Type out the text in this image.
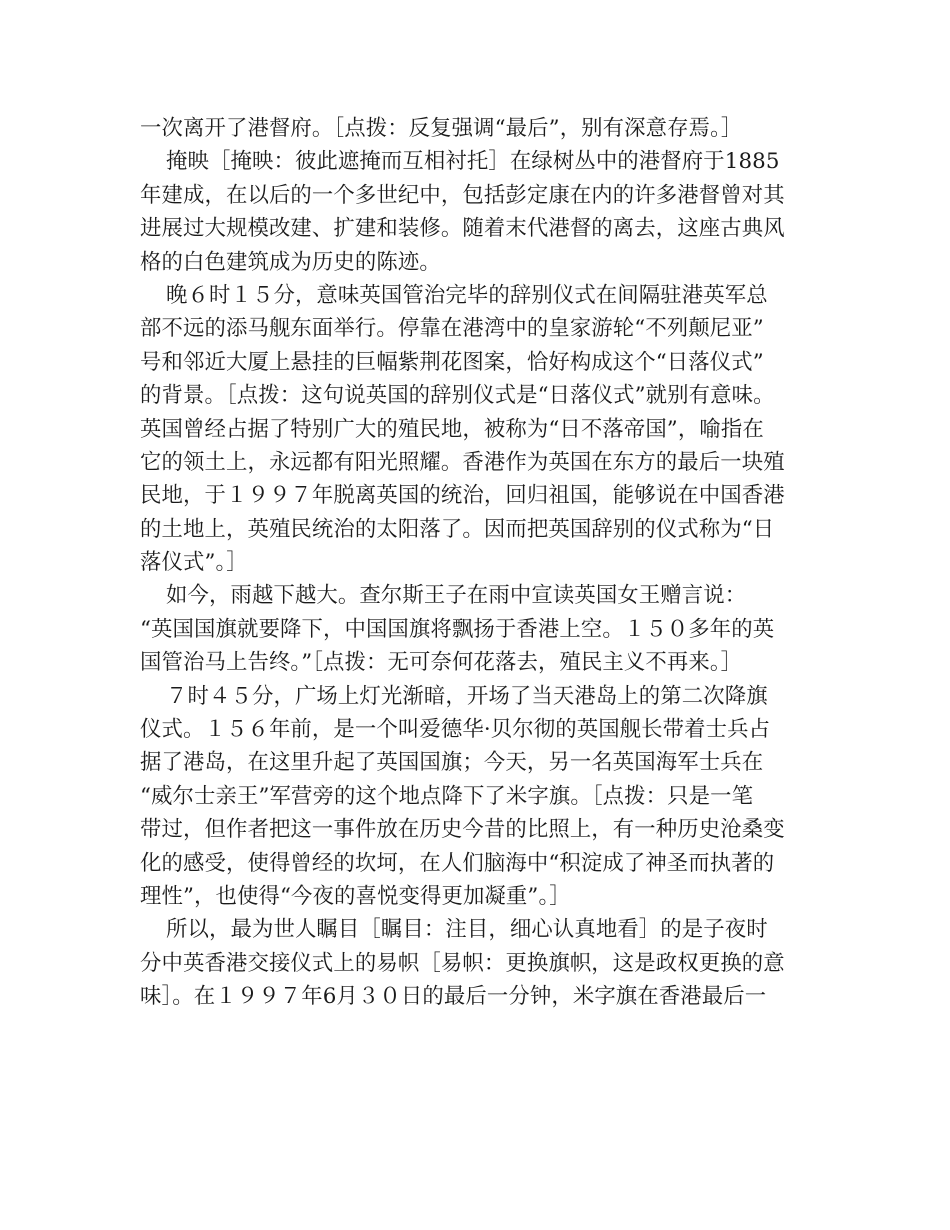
一次离开了港督府。［点拨：反复强调“最后”，别有深意存焉。］
掩映［掩映：彼此遮掩而互相衬托］在绿树丛中的港督府于1885
年建成，在以后的一个多世纪中，包括彭定康在内的许多港督曾对其
进展过大规模改建、扩建和装修。随着末代港督的离去，这座古典风
格的白色建筑成为历史的陈迹。
晚６时１５分，意味英国管治完毕的辞别仪式在间隔驻港英军总
部不远的添马舰东面举行。停靠在港湾中的皇家游轮“不列颠尼亚”
号和邻近大厦上悬挂的巨幅紫荆花图案，恰好构成这个“日落仪式”
的背景。［点拨：这句说英国的辞别仪式是“日落仪式”就别有意味。
英国曾经占据了特别广大的殖民地，被称为“日不落帝国”，喻指在
它的领土上，永远都有阳光照耀。香港作为英国在东方的最后一块殖
民地，于１９９７年脱离英国的统治，回归祖国，能够说在中国香港
的土地上，英殖民统治的太阳落了。因而把英国辞别的仪式称为“日
落仪式”。］
如今，雨越下越大。查尔斯王子在雨中宣读英国女王赠言说：
“英国国旗就要降下，中国国旗将飘扬于香港上空。１５０多年的英
国管治马上告终。”［点拨：无可奈何花落去，殖民主义不再来。］
７时４５分，广场上灯光渐暗，开场了当天港岛上的第二次降旗
仪式。１５６年前，是一个叫爱德华·贝尔彻的英国舰长带着士兵占
据了港岛，在这里升起了英国国旗；今天，另一名英国海军士兵在
“威尔士亲王”军营旁的这个地点降下了米字旗。［点拨：只是一笔
带过，但作者把这一事件放在历史今昔的比照上，有一种历史沧桑变
化的感受，使得曾经的坎坷，在人们脑海中“积淀成了神圣而执著的
理性”，也使得“今夜的喜悦变得更加凝重”。］
所以，最为世人瞩目［瞩目：注目，细心认真地看］的是子夜时
分中英香港交接仪式上的易帜［易帜：更换旗帜，这是政权更换的意
味］。在１９９７年6月３０日的最后一分钟，米字旗在香港最后一
